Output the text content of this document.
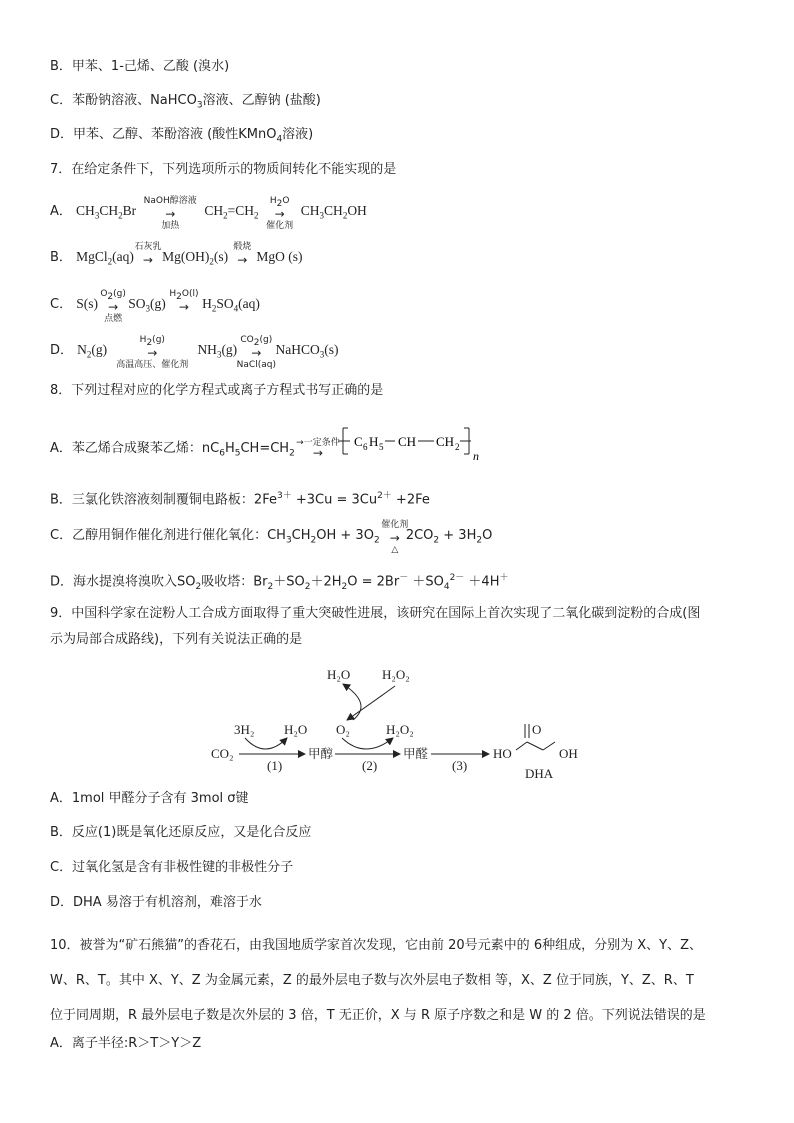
B．甲苯、1-己烯、乙酸 (溴水)
C．苯酚钠溶液、NaHCO$_3$溶液、乙醇钠 (盐酸)
D．甲苯、乙醇、苯酚溶液 (酸性KMnO$_4$溶液)
7．在给定条件下，下列选项所示的物质间转化不能实现的是
A． $CH_3CH_2Br$
NaOH醇溶液
→
加热
$CH_2=CH_2$
$H_2O$
→
催化剂
$CH_3CH_2OH$
B． MgCl$_2$(aq)
石灰乳
→ $Mg(OH)_2(s)$
煅烧
→ MgO (s)
C． S(s)
$O_2(g)$
→
点燃
$SO_3(g)$
$H_2O(l)$
→ $H_2SO_4(aq)$
D． $N_2(g)$
$H_2(g)$
→
高温高压、催化剂
$NH_3(g)$
$CO_2(g)$
→
NaCl(aq)
NaHCO$_3$(s)
8．下列过程对应的化学方程式或离子方程式书写正确的是
A．苯乙烯合成聚苯乙烯：$nC_6H_5CH=CH_2$
→一定条件
→
C 6 H 5 CH CH 2
n
B．三氯化铁溶液刻制覆铜电路板：$2Fe^{3+} +3Cu = 3Cu^{2+} +2Fe$
C．乙醇用铜作催化剂进行催化氧化：$CH_3CH_2OH + 3O_2$
催化剂
→
△
$2CO_2 + 3H_2O$
D．海水提溴将溴吹入$SO_2$吸收塔：$Br_2+SO_2+2H_2O = 2Br^- +SO_4^{2-} +4H^+$
9．中国科学家在淀粉人工合成方面取得了重大突破性进展，该研究在国际上首次实现了二氧化碳到淀粉的合成(图
示为局部合成路线)，下列有关说法正确的是
H₂O H₂O₂
3H₂ H₂O O₂	H₂O₂
CO₂	甲醇	甲醛
(1)	(2)	(3)
HO	OH
O
DHA
A．1mol 甲醛分子含有 3mol σ键
B．反应(1)既是氧化还原反应，又是化合反应
C．过氧化氢是含有非极性键的非极性分子
D．DHA 易溶于有机溶剂，难溶于水
10．被誉为“矿石熊猫”的香花石，由我国地质学家首次发现，它由前 20号元素中的 6种组成，分别为 X、Y、Z、
W、R、T。其中 X、Y、Z 为金属元素，Z 的最外层电子数与次外层电子数相 等，X、Z 位于同族，Y、Z、R、T
位于同周期，R 最外层电子数是次外层的 3 倍，T 无正价，X 与 R 原子序数之和是 W 的 2 倍。下列说法错误的是
A．离子半径:R＞T＞Y＞Z
